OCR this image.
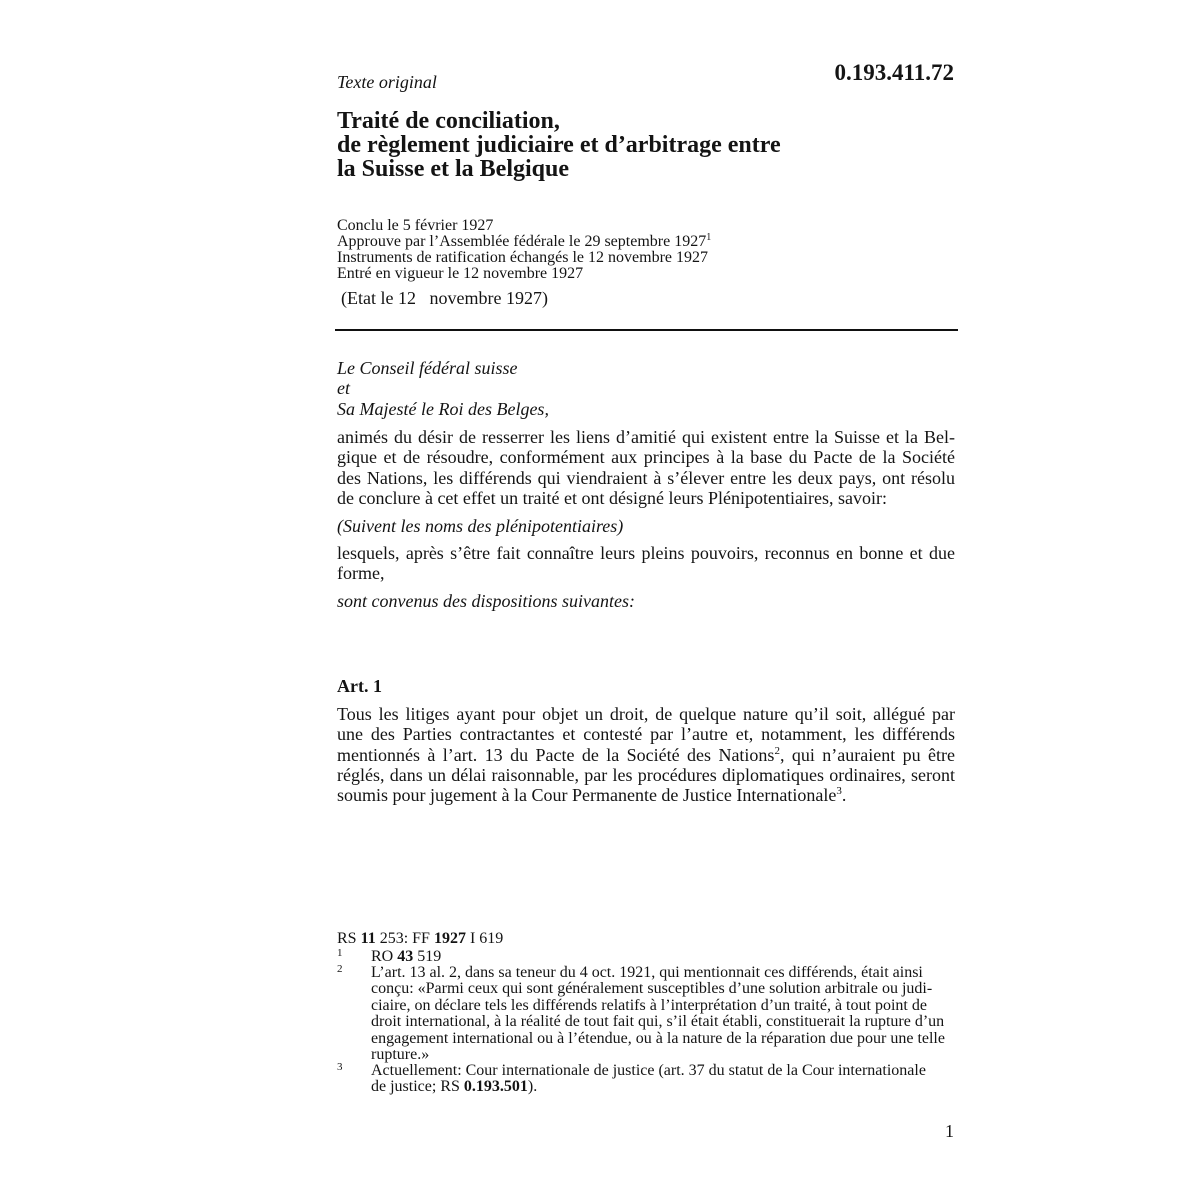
Texte original	0.193.411.72
Traité de conciliation,
de règlement judiciaire et d’arbitrage entre
la Suisse et la Belgique
Conclu le 5 février 1927
Approuve par l’Assemblée fédérale le 29 septembre 1927$^1$
Instruments de ratification échangés le 12 novembre 1927
Entré en vigueur le 12 novembre 1927
(Etat le 12   novembre 1927)
Le Conseil fédéral suisse
et
Sa Majesté le Roi des Belges,
animés du désir de resserrer les liens d’amitié qui existent entre la Suisse et la Bel-
gique et de résoudre, conformément aux principes à la base du Pacte de la Société
des Nations, les différends qui viendraient à s’élever entre les deux pays, ont résolu
de conclure à cet effet un traité et ont désigné leurs Plénipotentiaires, savoir:
(Suivent les noms des plénipotentiaires)
lesquels, après s’être fait connaître leurs pleins pouvoirs, reconnus en bonne et due
forme,
sont convenus des dispositions suivantes:
Art. 1
Tous les litiges ayant pour objet un droit, de quelque nature qu’il soit, allégué par
une des Parties contractantes et contesté par l’autre et, notamment, les différends
mentionnés à l’art. 13 du Pacte de la Société des Nations$^2$, qui n’auraient pu être
réglés, dans un délai raisonnable, par les procédures diplomatiques ordinaires, seront
soumis pour jugement à la Cour Permanente de Justice Internationale$^3$.
RS 11 253: FF 1927 I 619
1 RO 43 519
2 L’art. 13 al. 2, dans sa teneur du 4 oct. 1921, qui mentionnait ces différends, était ainsi
conçu: «Parmi ceux qui sont généralement susceptibles d’une solution arbitrale ou judi-
ciaire, on déclare tels les différends relatifs à l’interprétation d’un traité, à tout point de
droit international, à la réalité de tout fait qui, s’il était établi, constituerait la rupture d’un
engagement international ou à l’étendue, ou à la nature de la réparation due pour une telle
rupture.»
3 Actuellement: Cour internationale de justice (art. 37 du statut de la Cour internationale
de justice; RS 0.193.501).
1
